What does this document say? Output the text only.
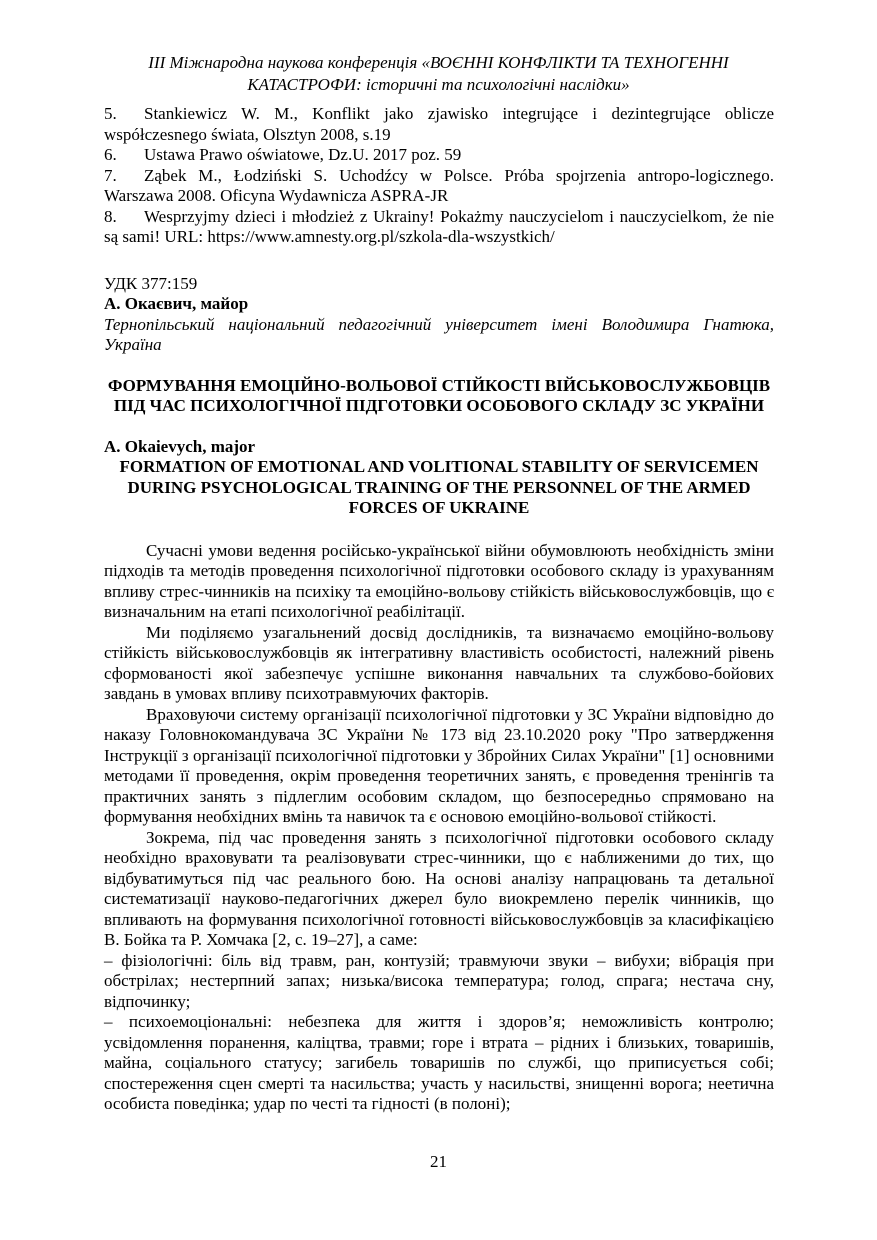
ІІІ Міжнародна наукова конференція «ВОЄННІ КОНФЛІКТИ ТА ТЕХНОГЕННІ КАТАСТРОФИ: історичні та психологічні наслідки»
5. Stankiewicz W. M., Konflikt jako zjawisko integrujące i dezintegrujące oblicze współczesnego świata, Olsztyn 2008, s.19
6. Ustawa Prawo oświatowe, Dz.U. 2017 poz. 59
7. Ząbek M., Łodziński S. Uchodźcy w Polsce. Próba spojrzenia antropo-logicznego. Warszawa 2008. Oficyna Wydawnicza ASPRA-JR
8. Wesprzyjmy dzieci i młodzież z Ukrainy! Pokażmy nauczycielom i nauczycielkom, że nie są sami! URL: https://www.amnesty.org.pl/szkola-dla-wszystkich/
УДК 377:159
А. Окаєвич, майор
Тернопільський національний педагогічний університет імені Володимира Гнатюка, Україна
ФОРМУВАННЯ ЕМОЦІЙНО-ВОЛЬОВОЇ СТІЙКОСТІ ВІЙСЬКОВОСЛУЖБОВЦІВ ПІД ЧАС ПСИХОЛОГІЧНОЇ ПІДГОТОВКИ ОСОБОВОГО СКЛАДУ ЗС УКРАЇНИ
A. Okaievych, major
FORMATION OF EMOTIONAL AND VOLITIONAL STABILITY OF SERVICEMEN DURING PSYCHOLOGICAL TRAINING OF THE PERSONNEL OF THE ARMED FORCES OF UKRAINE

Сучасні умови ведення російсько-української війни обумовлюють необхідність зміни підходів та методів проведення психологічної підготовки особового складу із урахуванням впливу стрес-чинників на психіку та емоційно-вольову стійкість військовослужбовців, що є визначальним на етапі психологічної реабілітації.

Ми поділяємо узагальнений досвід дослідників, та визначаємо емоційно-вольову стійкість військовослужбовців як інтегративну властивість особистості, належний рівень сформованості якої забезпечує успішне виконання навчальних та службово-бойових завдань в умовах впливу психотравмуючих факторів.

Враховуючи систему організації психологічної підготовки у ЗС України відповідно до наказу Головнокомандувача ЗС України № 173 від 23.10.2020 року "Про затвердження Інструкції з організації психологічної підготовки у Збройних Силах України" [1] основними методами її проведення, окрім проведення теоретичних занять, є проведення тренінгів та практичних занять з підлеглим особовим складом, що безпосередньо спрямовано на формування необхідних вмінь та навичок та є основою емоційно-вольової стійкості.

Зокрема, під час проведення занять з психологічної підготовки особового складу необхідно враховувати та реалізовувати стрес-чинники, що є наближеними до тих, що відбуватимуться під час реального бою. На основі аналізу напрацювань та детальної систематизації науково-педагогічних джерел було виокремлено перелік чинників, що впливають на формування психологічної готовності військовослужбовців за класифікацією В. Бойка та Р. Хомчака [2, с. 19–27], а саме:

– фізіологічні: біль від травм, ран, контузій; травмуючи звуки – вибухи; вібрація при обстрілах; нестерпний запах; низька/висока температура; голод, спрага; нестача сну, відпочинку;

– психоемоціональні: небезпека для життя і здоров’я; неможливість контролю; усвідомлення поранення, каліцтва, травми; горе і втрата – рідних і близьких, товаришів, майна, соціального статусу; загибель товаришів по службі, що приписується собі; спостереження сцен смерті та насильства; участь у насильстві, знищенні ворога; неетична особиста поведінка; удар по честі та гідності (в полоні);

21
